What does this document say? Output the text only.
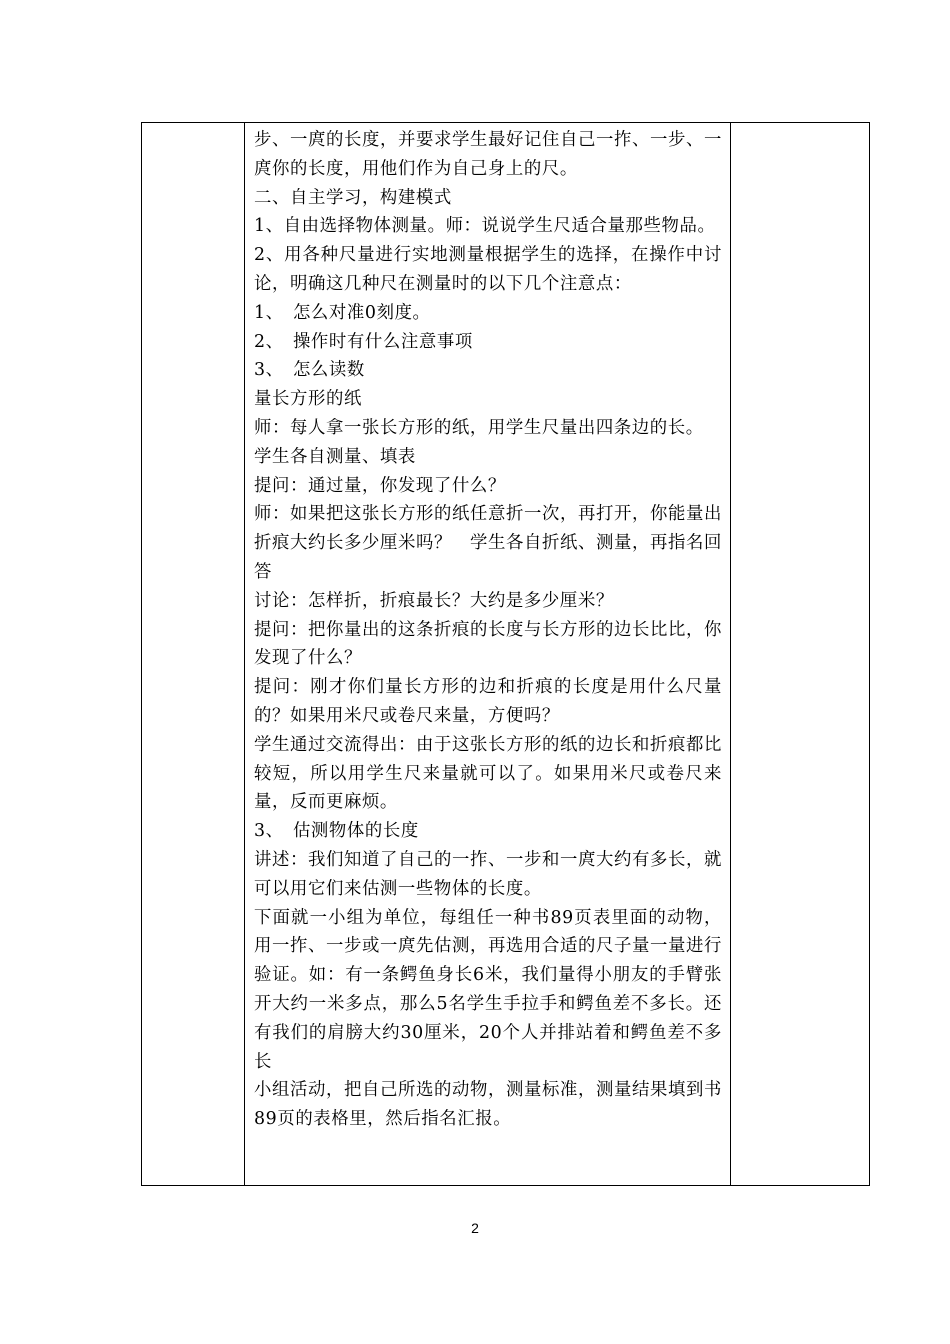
步、一庹的长度，并要求学生最好记住自己一拃、一步、一庹你的长度，用他们作为自己身上的尺。

二、自主学习，构建模式

1、自由选择物体测量。师：说说学生尺适合量那些物品。

2、用各种尺量进行实地测量根据学生的选择，在操作中讨论，明确这几种尺在测量时的以下几个注意点：

1、　怎么对准0刻度。

2、　操作时有什么注意事项

3、　怎么读数

量长方形的纸

师：每人拿一张长方形的纸，用学生尺量出四条边的长。

学生各自测量、填表

提问：通过量，你发现了什么？

师：如果把这张长方形的纸任意折一次，再打开，你能量出折痕大约长多少厘米吗？　学生各自折纸、测量，再指名回答

讨论：怎样折，折痕最长？大约是多少厘米？

提问：把你量出的这条折痕的长度与长方形的边长比比，你发现了什么？

提问：刚才你们量长方形的边和折痕的长度是用什么尺量的？如果用米尺或卷尺来量，方便吗？

学生通过交流得出：由于这张长方形的纸的边长和折痕都比较短，所以用学生尺来量就可以了。如果用米尺或卷尺来量，反而更麻烦。

3、　估测物体的长度

讲述：我们知道了自己的一拃、一步和一庹大约有多长，就可以用它们来估测一些物体的长度。

下面就一小组为单位，每组任一种书89页表里面的动物，用一拃、一步或一庹先估测，再选用合适的尺子量一量进行验证。如：有一条鳄鱼身长6米，我们量得小朋友的手臂张开大约一米多点，那么5名学生手拉手和鳄鱼差不多长。还有我们的肩膀大约30厘米，20个人并排站着和鳄鱼差不多长

小组活动，把自己所选的动物，测量标准，测量结果填到书89页的表格里，然后指名汇报。

2
